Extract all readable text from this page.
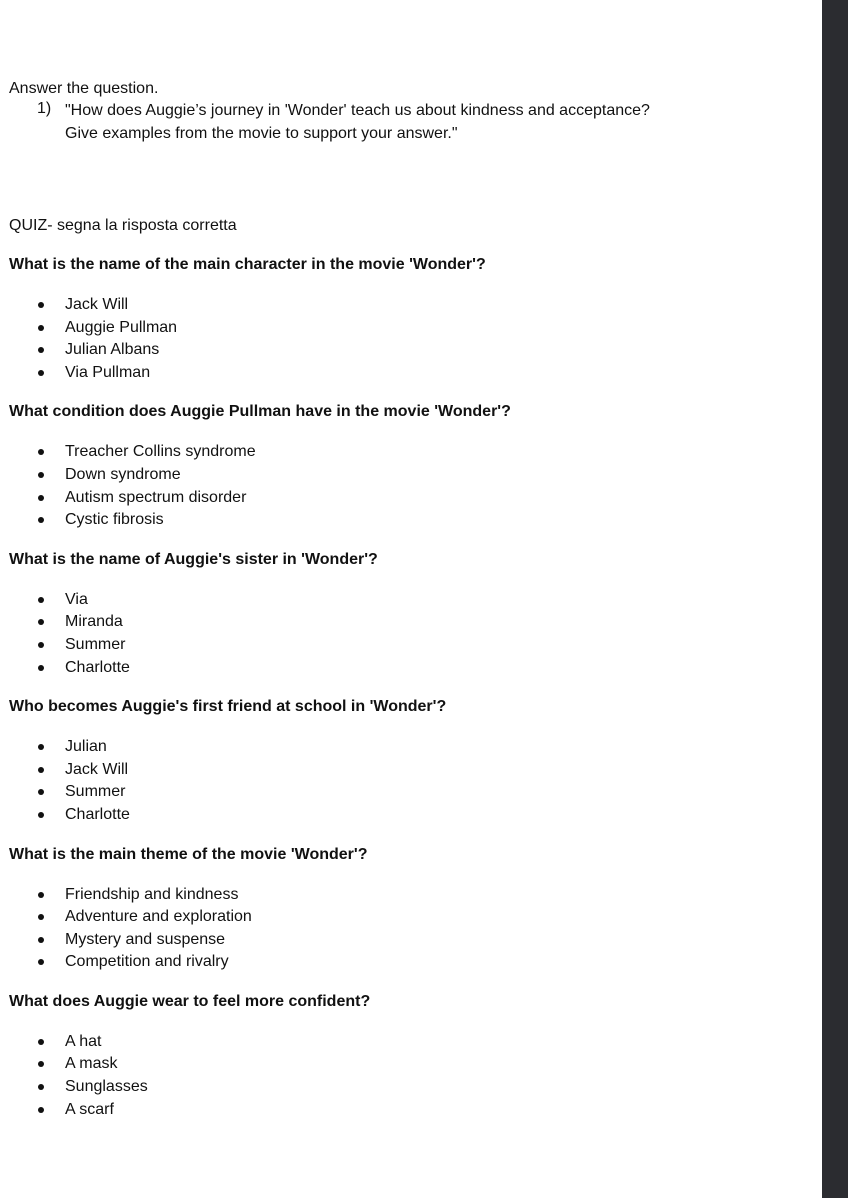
Answer the question.
1) "How does Auggie’s journey in 'Wonder' teach us about kindness and acceptance?
Give examples from the movie to support your answer."
QUIZ- segna la risposta corretta
What is the name of the main character in the movie 'Wonder'?
Jack Will
Auggie Pullman
Julian Albans
Via Pullman
What condition does Auggie Pullman have in the movie 'Wonder'?
Treacher Collins syndrome
Down syndrome
Autism spectrum disorder
Cystic fibrosis
What is the name of Auggie's sister in 'Wonder'?
Via
Miranda
Summer
Charlotte
Who becomes Auggie's first friend at school in 'Wonder'?
Julian
Jack Will
Summer
Charlotte
What is the main theme of the movie 'Wonder'?
Friendship and kindness
Adventure and exploration
Mystery and suspense
Competition and rivalry
What does Auggie wear to feel more confident?
A hat
A mask
Sunglasses
A scarf
